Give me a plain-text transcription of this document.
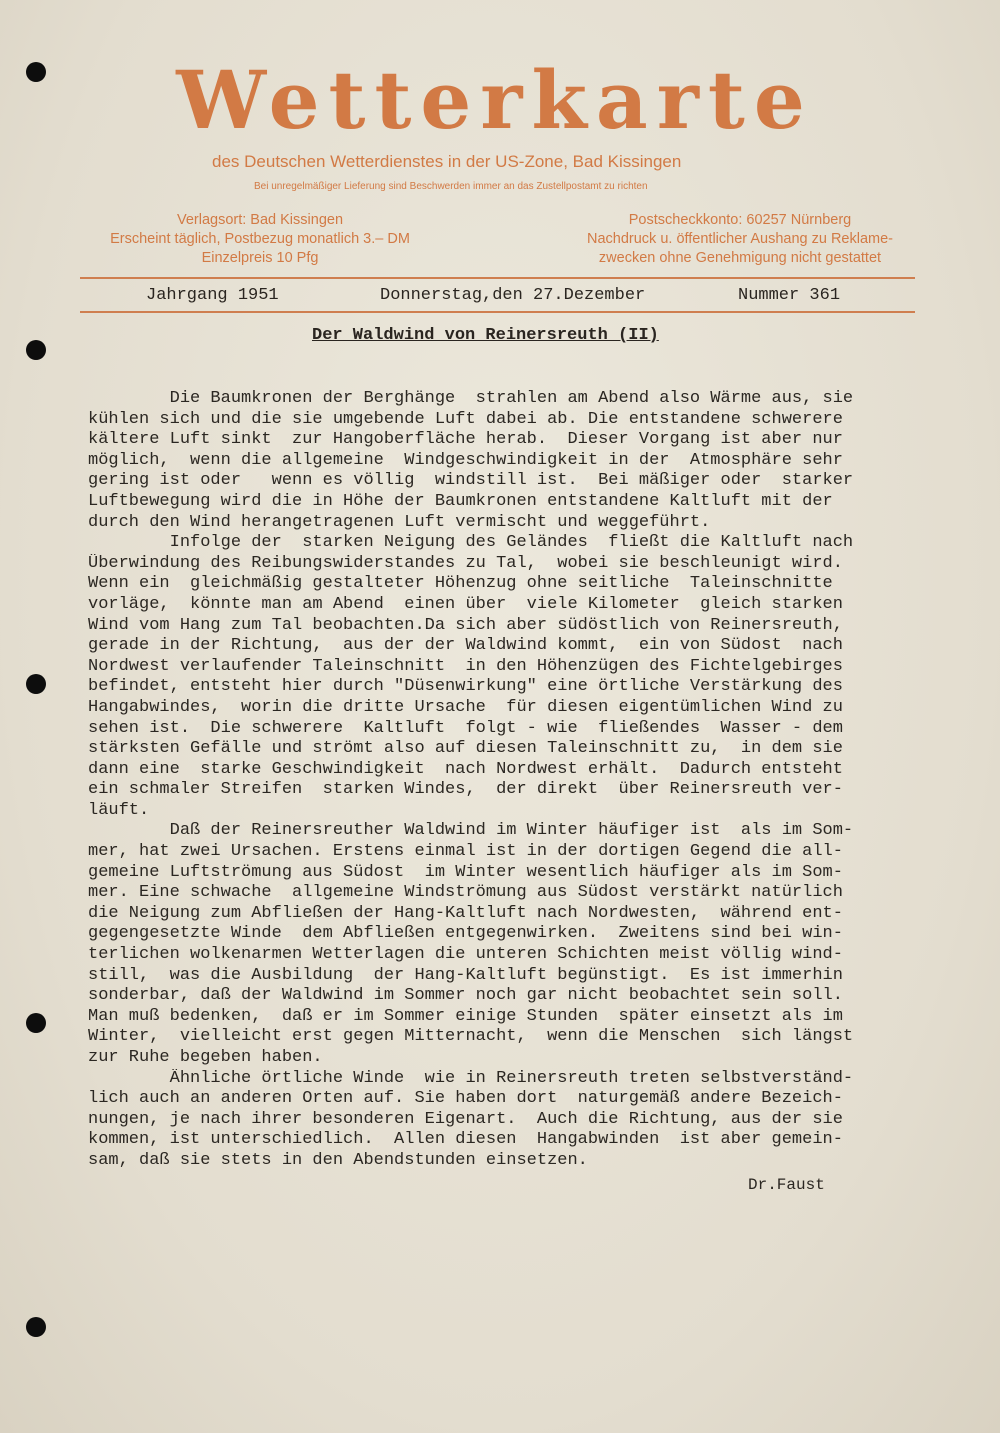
Wetterkarte
des Deutschen Wetterdienstes in der US-Zone, Bad Kissingen
Bei unregelmäßiger Lieferung sind Beschwerden immer an das Zustellpostamt zu richten
Verlagsort: Bad Kissingen
Erscheint täglich, Postbezug monatlich 3.– DM
Einzelpreis 10 Pfg
Postscheckkonto: 60257 Nürnberg
Nachdruck u. öffentlicher Aushang zu Reklame-
zwecken ohne Genehmigung nicht gestattet
Jahrgang 1951	Donnerstag,den 27.Dezember	Nummer 361
Der Waldwind von Reinersreuth (II)
Die Baumkronen der Berghänge  strahlen am Abend also Wärme aus, sie
kühlen sich und die sie umgebende Luft dabei ab. Die entstandene schwerere
kältere Luft sinkt  zur Hangoberfläche herab.  Dieser Vorgang ist aber nur
möglich,  wenn die allgemeine  Windgeschwindigkeit in der  Atmosphäre sehr
gering ist oder   wenn es völlig  windstill ist.  Bei mäßiger oder  starker
Luftbewegung wird die in Höhe der Baumkronen entstandene Kaltluft mit der
durch den Wind herangetragenen Luft vermischt und weggeführt.
Infolge der  starken Neigung des Geländes  fließt die Kaltluft nach
Überwindung des Reibungswiderstandes zu Tal,  wobei sie beschleunigt wird.
Wenn ein  gleichmäßig gestalteter Höhenzug ohne seitliche  Taleinschnitte
vorläge,  könnte man am Abend  einen über  viele Kilometer  gleich starken
Wind vom Hang zum Tal beobachten.Da sich aber südöstlich von Reinersreuth,
gerade in der Richtung,  aus der der Waldwind kommt,  ein von Südost  nach
Nordwest verlaufender Taleinschnitt  in den Höhenzügen des Fichtelgebirges
befindet, entsteht hier durch "Düsenwirkung" eine örtliche Verstärkung des
Hangabwindes,  worin die dritte Ursache  für diesen eigentümlichen Wind zu
sehen ist.  Die schwerere  Kaltluft  folgt - wie  fließendes  Wasser - dem
stärksten Gefälle und strömt also auf diesen Taleinschnitt zu,  in dem sie
dann eine  starke Geschwindigkeit  nach Nordwest erhält.  Dadurch entsteht
ein schmaler Streifen  starken Windes,  der direkt  über Reinersreuth ver-
läuft.
Daß der Reinersreuther Waldwind im Winter häufiger ist  als im Som-
mer, hat zwei Ursachen. Erstens einmal ist in der dortigen Gegend die all-
gemeine Luftströmung aus Südost  im Winter wesentlich häufiger als im Som-
mer. Eine schwache  allgemeine Windströmung aus Südost verstärkt natürlich
die Neigung zum Abfließen der Hang-Kaltluft nach Nordwesten,  während ent-
gegengesetzte Winde  dem Abfließen entgegenwirken.  Zweitens sind bei win-
terlichen wolkenarmen Wetterlagen die unteren Schichten meist völlig wind-
still,  was die Ausbildung  der Hang-Kaltluft begünstigt.  Es ist immerhin
sonderbar, daß der Waldwind im Sommer noch gar nicht beobachtet sein soll.
Man muß bedenken,  daß er im Sommer einige Stunden  später einsetzt als im
Winter,  vielleicht erst gegen Mitternacht,  wenn die Menschen  sich längst
zur Ruhe begeben haben.
Ähnliche örtliche Winde  wie in Reinersreuth treten selbstverständ-
lich auch an anderen Orten auf. Sie haben dort  naturgemäß andere Bezeich-
nungen, je nach ihrer besonderen Eigenart.  Auch die Richtung, aus der sie
kommen, ist unterschiedlich.  Allen diesen  Hangabwinden  ist aber gemein-
sam, daß sie stets in den Abendstunden einsetzen.
Dr.Faust
